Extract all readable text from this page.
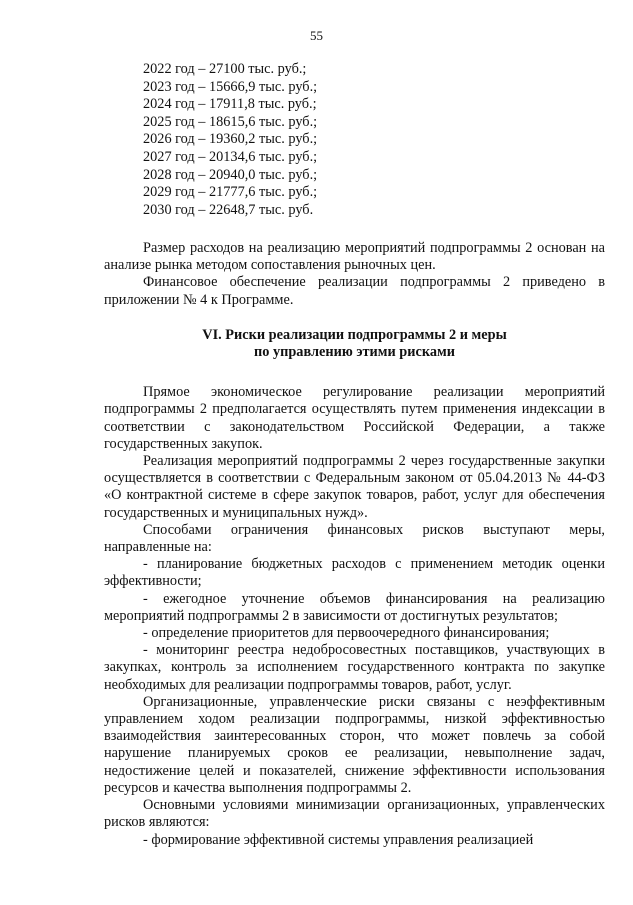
55
2022 год – 27100 тыс. руб.;
2023 год – 15666,9 тыс. руб.;
2024 год – 17911,8 тыс. руб.;
2025 год – 18615,6 тыс. руб.;
2026 год – 19360,2 тыс. руб.;
2027 год – 20134,6 тыс. руб.;
2028 год – 20940,0 тыс. руб.;
2029 год – 21777,6 тыс. руб.;
2030 год – 22648,7 тыс. руб.

Размер расходов на реализацию мероприятий подпрограммы 2 основан на анализе рынка методом сопоставления рыночных цен.

Финансовое обеспечение реализации подпрограммы 2 приведено в приложении № 4 к Программе.

VI. Риски реализации подпрограммы 2 и меры
по управлению этими рисками

Прямое экономическое регулирование реализации мероприятий подпрограммы 2 предполагается осуществлять путем применения индексации в соответствии с законодательством Российской Федерации, а также государственных закупок.

Реализация мероприятий подпрограммы 2 через государственные закупки осуществляется в соответствии с Федеральным законом от 05.04.2013 № 44-ФЗ «О контрактной системе в сфере закупок товаров, работ, услуг для обеспечения государственных и муниципальных нужд».

Способами ограничения финансовых рисков выступают меры, направленные на:

- планирование бюджетных расходов с применением методик оценки эффективности;

- ежегодное уточнение объемов финансирования на реализацию мероприятий подпрограммы 2 в зависимости от достигнутых результатов;

- определение приоритетов для первоочередного финансирования;

- мониторинг реестра недобросовестных поставщиков, участвующих в закупках, контроль за исполнением государственного контракта по закупке необходимых для реализации подпрограммы товаров, работ, услуг.

Организационные, управленческие риски связаны с неэффективным управлением ходом реализации подпрограммы, низкой эффективностью взаимодействия заинтересованных сторон, что может повлечь за собой нарушение планируемых сроков ее реализации, невыполнение задач, недостижение целей и показателей, снижение эффективности использования ресурсов и качества выполнения подпрограммы 2.

Основными условиями минимизации организационных, управленческих рисков являются:

- формирование эффективной системы управления реализацией
